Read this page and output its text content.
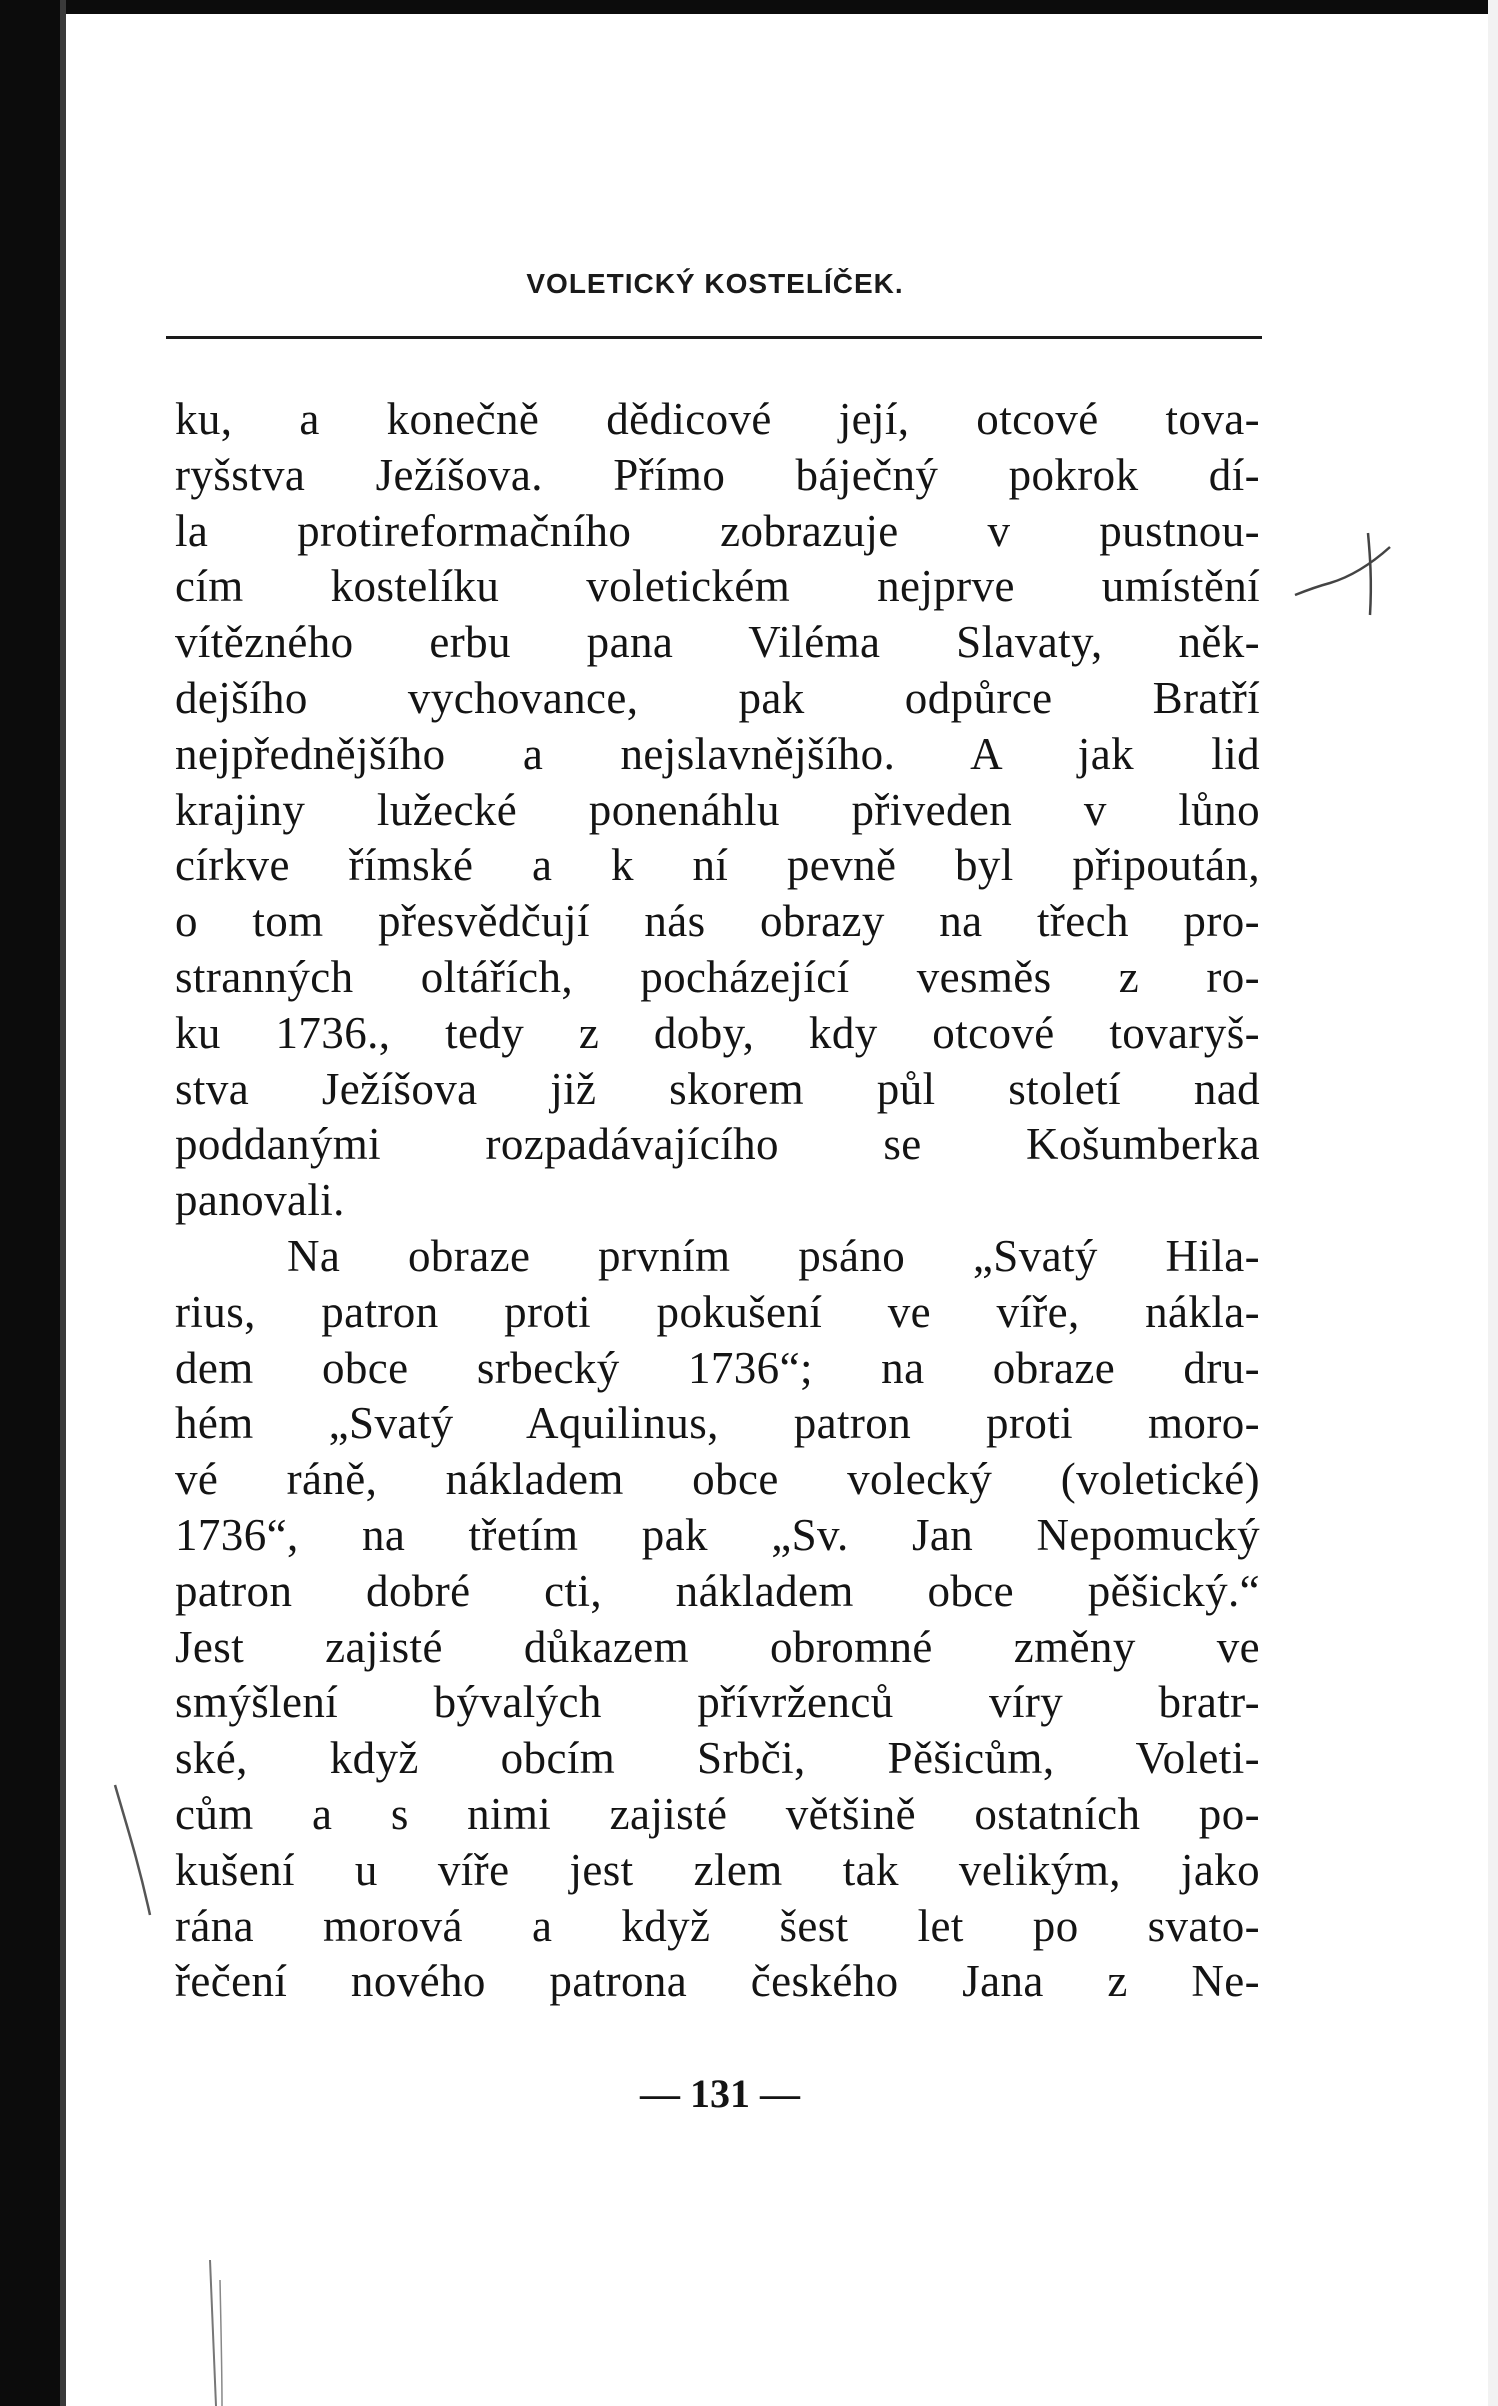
VOLETICKÝ KOSTELÍČEK.
ku, a konečně dědicové její, otcové tova-
ryšstva Ježíšova. Přímo báječný pokrok dí-
la protireformačního zobrazuje v pustnou-
cím kostelíku voletickém nejprve umístění
vítězného erbu pana Viléma Slavaty, něk-
dejšího vychovance, pak odpůrce Bratří
nejpřednějšího a nejslavnějšího. A jak lid
krajiny lužecké ponenáhlu přiveden v lůno
církve římské a k ní pevně byl připoután,
o tom přesvědčují nás obrazy na třech pro-
stranných oltářích, pocházející vesměs z ro-
ku 1736., tedy z doby, kdy otcové tovaryš-
stva Ježíšova již skorem půl století nad
poddanými rozpadávajícího se Košumberka
panovali.
Na obraze prvním psáno „Svatý Hila-
rius, patron proti pokušení ve víře, nákla-
dem obce srbecký 1736“; na obraze dru-
hém „Svatý Aquilinus, patron proti moro-
vé ráně, nákladem obce volecký (voletické)
1736“, na třetím pak „Sv. Jan Nepomucký
patron dobré cti, nákladem obce pěšický.“
Jest zajisté důkazem obromné změny ve
smýšlení bývalých přívrženců víry bratr-
ské, když obcím Srbči, Pěšicům, Voleti-
cům a s nimi zajisté většině ostatních po-
kušení u víře jest zlem tak velikým, jako
rána morová a když šest let po svato-
řečení nového patrona českého Jana z Ne-
— 131 —
